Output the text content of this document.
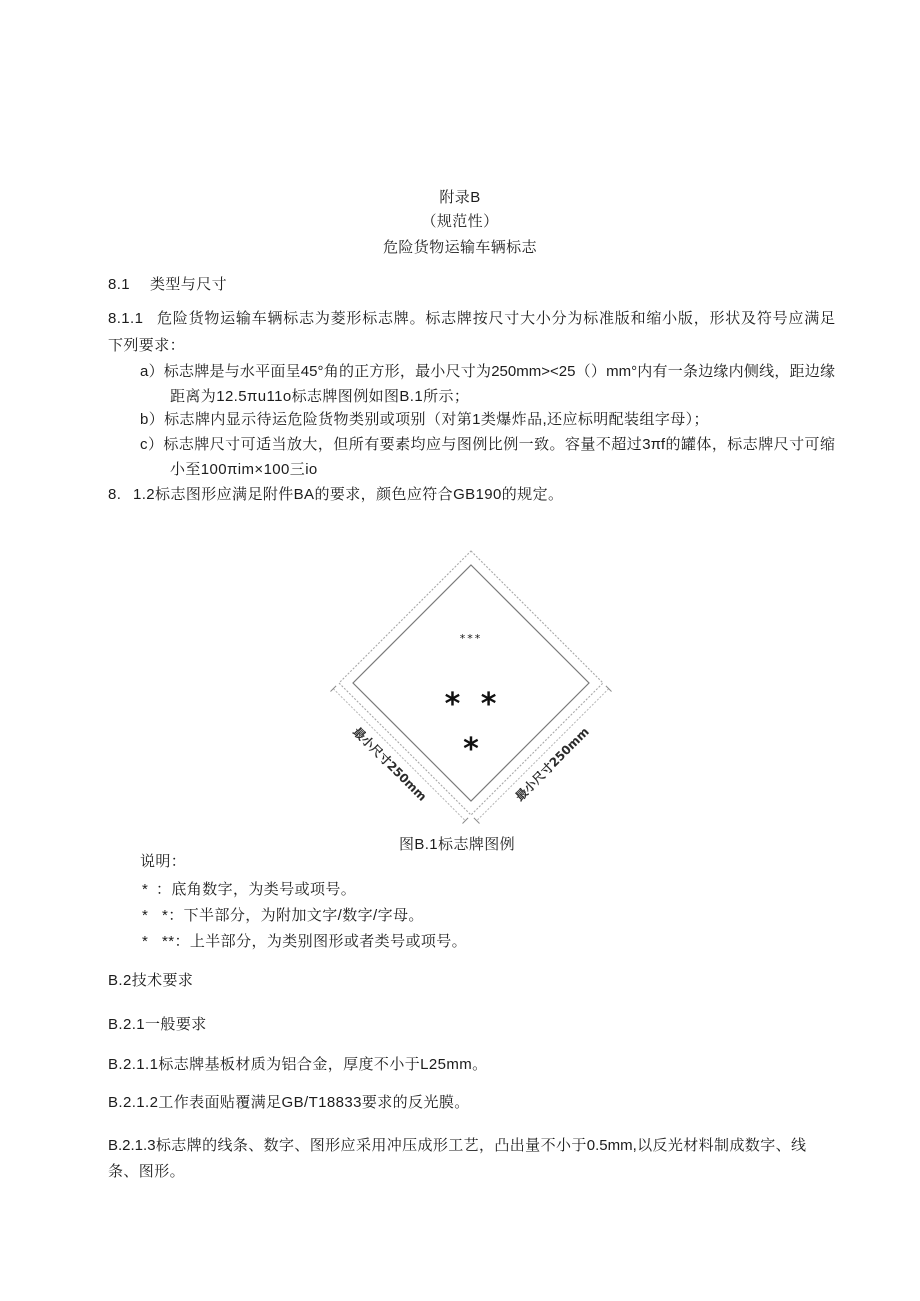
附录B
（规范性）
危险货物运输车辆标志
8.1 类型与尺寸
8.1.1 危险货物运输车辆标志为菱形标志牌。标志牌按尺寸大小分为标准版和缩小版，形状及符号应满足
下列要求：
a）标志牌是与水平面呈45°角的正方形，最小尺寸为250mm><25（）mm°内有一条边缘内侧线，距边缘
距离为12.5πu11o标志牌图例如图B.1所示；
b）标志牌内显示待运危险货物类别或项别（对第1类爆炸品,还应标明配装组字母）；
c）标志牌尺寸可适当放大，但所有要素均应与图例比例一致。容量不超过3πf的罐体，标志牌尺寸可缩
小至100πim×100三io
8. 1.2标志图形应满足附件BA的要求，颜色应符合GB190的规定。
最小尺寸250mm	最小尺寸250mm
***
* *
*
图B.1标志牌图例
说明：
* ：底角数字，为类号或项号。
* *：下半部分，为附加文字/数字/字母。
* **：上半部分，为类别图形或者类号或项号。
B.2技术要求
B.2.1一般要求
B.2.1.1标志牌基板材质为铝合金，厚度不小于L25mm。
B.2.1.2工作表面贴覆满足GB/T18833要求的反光膜。
B.2.1.3标志牌的线条、数字、图形应采用冲压成形工艺，凸出量不小于0.5mm,以反光材料制成数字、线
条、图形。
